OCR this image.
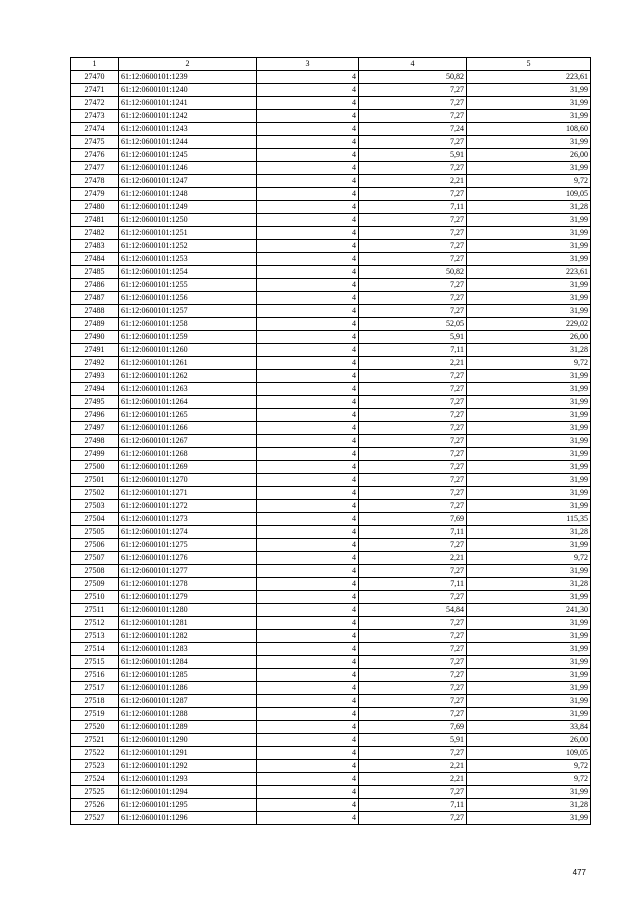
1	2	3	4	5
27470	61:12:0600101:1239	4	50,82	223,61
27471	61:12:0600101:1240	4	7,27	31,99
27472	61:12:0600101:1241	4	7,27	31,99
27473	61:12:0600101:1242	4	7,27	31,99
27474	61:12:0600101:1243	4	7,24	108,60
27475	61:12:0600101:1244	4	7,27	31,99
27476	61:12:0600101:1245	4	5,91	26,00
27477	61:12:0600101:1246	4	7,27	31,99
27478	61:12:0600101:1247	4	2,21	9,72
27479	61:12:0600101:1248	4	7,27	109,05
27480	61:12:0600101:1249	4	7,11	31,28
27481	61:12:0600101:1250	4	7,27	31,99
27482	61:12:0600101:1251	4	7,27	31,99
27483	61:12:0600101:1252	4	7,27	31,99
27484	61:12:0600101:1253	4	7,27	31,99
27485	61:12:0600101:1254	4	50,82	223,61
27486	61:12:0600101:1255	4	7,27	31,99
27487	61:12:0600101:1256	4	7,27	31,99
27488	61:12:0600101:1257	4	7,27	31,99
27489	61:12:0600101:1258	4	52,05	229,02
27490	61:12:0600101:1259	4	5,91	26,00
27491	61:12:0600101:1260	4	7,11	31,28
27492	61:12:0600101:1261	4	2,21	9,72
27493	61:12:0600101:1262	4	7,27	31,99
27494	61:12:0600101:1263	4	7,27	31,99
27495	61:12:0600101:1264	4	7,27	31,99
27496	61:12:0600101:1265	4	7,27	31,99
27497	61:12:0600101:1266	4	7,27	31,99
27498	61:12:0600101:1267	4	7,27	31,99
27499	61:12:0600101:1268	4	7,27	31,99
27500	61:12:0600101:1269	4	7,27	31,99
27501	61:12:0600101:1270	4	7,27	31,99
27502	61:12:0600101:1271	4	7,27	31,99
27503	61:12:0600101:1272	4	7,27	31,99
27504	61:12:0600101:1273	4	7,69	115,35
27505	61:12:0600101:1274	4	7,11	31,28
27506	61:12:0600101:1275	4	7,27	31,99
27507	61:12:0600101:1276	4	2,21	9,72
27508	61:12:0600101:1277	4	7,27	31,99
27509	61:12:0600101:1278	4	7,11	31,28
27510	61:12:0600101:1279	4	7,27	31,99
27511	61:12:0600101:1280	4	54,84	241,30
27512	61:12:0600101:1281	4	7,27	31,99
27513	61:12:0600101:1282	4	7,27	31,99
27514	61:12:0600101:1283	4	7,27	31,99
27515	61:12:0600101:1284	4	7,27	31,99
27516	61:12:0600101:1285	4	7,27	31,99
27517	61:12:0600101:1286	4	7,27	31,99
27518	61:12:0600101:1287	4	7,27	31,99
27519	61:12:0600101:1288	4	7,27	31,99
27520	61:12:0600101:1289	4	7,69	33,84
27521	61:12:0600101:1290	4	5,91	26,00
27522	61:12:0600101:1291	4	7,27	109,05
27523	61:12:0600101:1292	4	2,21	9,72
27524	61:12:0600101:1293	4	2,21	9,72
27525	61:12:0600101:1294	4	7,27	31,99
27526	61:12:0600101:1295	4	7,11	31,28
27527	61:12:0600101:1296	4	7,27	31,99
477
